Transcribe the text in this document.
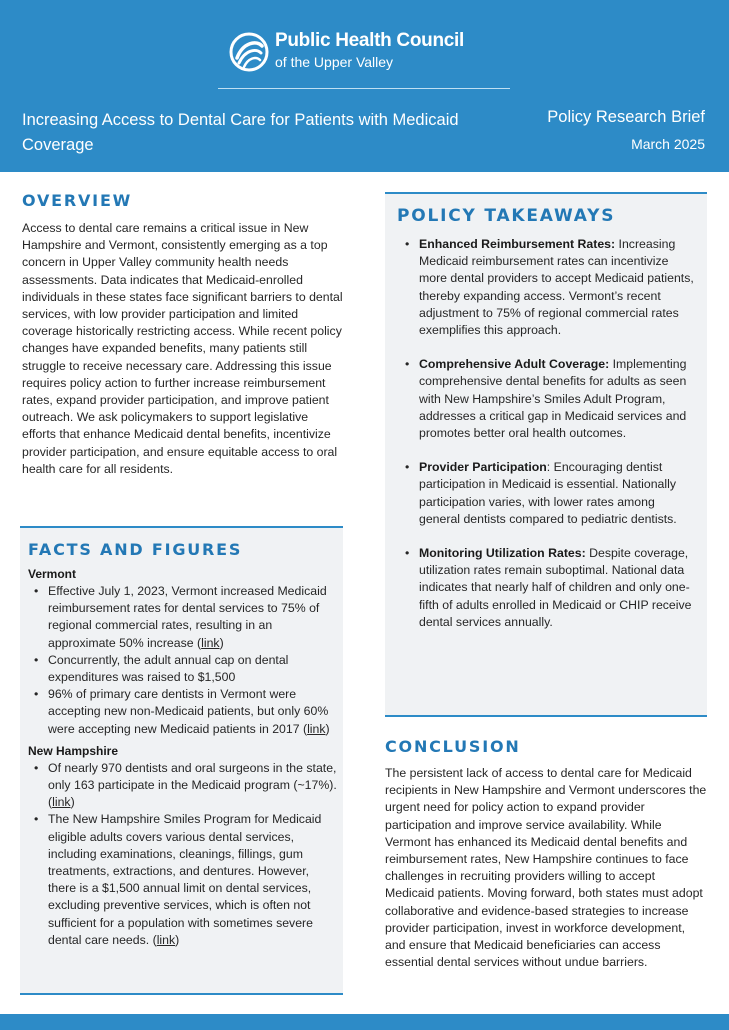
Public Health Council
of the Upper Valley
Increasing Access to Dental Care for Patients with Medicaid Coverage
Policy Research Brief
March 2025
OVERVIEW

Access to dental care remains a critical issue in New Hampshire and Vermont, consistently emerging as a top concern in Upper Valley community health needs assessments. Data indicates that Medicaid-enrolled individuals in these states face significant barriers to dental services, with low provider participation and limited coverage historically restricting access. While recent policy changes have expanded benefits, many patients still struggle to receive necessary care. Addressing this issue requires policy action to further increase reimbursement rates, expand provider participation, and improve patient outreach. We ask policymakers to support legislative efforts that enhance Medicaid dental benefits, incentivize provider participation, and ensure equitable access to oral health care for all residents.

FACTS AND FIGURES
Vermont
• Effective July 1, 2023, Vermont increased Medicaid reimbursement rates for dental services to 75% of regional commercial rates, resulting in an approximate 50% increase (link)
• Concurrently, the adult annual cap on dental expenditures was raised to $1,500
• 96% of primary care dentists in Vermont were accepting new non-Medicaid patients, but only 60% were accepting new Medicaid patients in 2017 (link)
New Hampshire
• Of nearly 970 dentists and oral surgeons in the state, only 163 participate in the Medicaid program (~17%). (link)
• The New Hampshire Smiles Program for Medicaid eligible adults covers various dental services, including examinations, cleanings, fillings, gum treatments, extractions, and dentures. However, there is a $1,500 annual limit on dental services, excluding preventive services, which is often not sufficient for a population with sometimes severe dental care needs. (link)
POLICY TAKEAWAYS
• Enhanced Reimbursement Rates: Increasing Medicaid reimbursement rates can incentivize more dental providers to accept Medicaid patients, thereby expanding access. Vermont’s recent adjustment to 75% of regional commercial rates exemplifies this approach.
• Comprehensive Adult Coverage: Implementing comprehensive dental benefits for adults as seen with New Hampshire’s Smiles Adult Program, addresses a critical gap in Medicaid services and promotes better oral health outcomes.
• Provider Participation: Encouraging dentist participation in Medicaid is essential. Nationally participation varies, with lower rates among general dentists compared to pediatric dentists.
• Monitoring Utilization Rates: Despite coverage, utilization rates remain suboptimal. National data indicates that nearly half of children and only one-fifth of adults enrolled in Medicaid or CHIP receive dental services annually.
CONCLUSION

The persistent lack of access to dental care for Medicaid recipients in New Hampshire and Vermont underscores the urgent need for policy action to expand provider participation and improve service availability. While Vermont has enhanced its Medicaid dental benefits and reimbursement rates, New Hampshire continues to face challenges in recruiting providers willing to accept Medicaid patients. Moving forward, both states must adopt collaborative and evidence-based strategies to increase provider participation, invest in workforce development, and ensure that Medicaid beneficiaries can access essential dental services without undue barriers.
